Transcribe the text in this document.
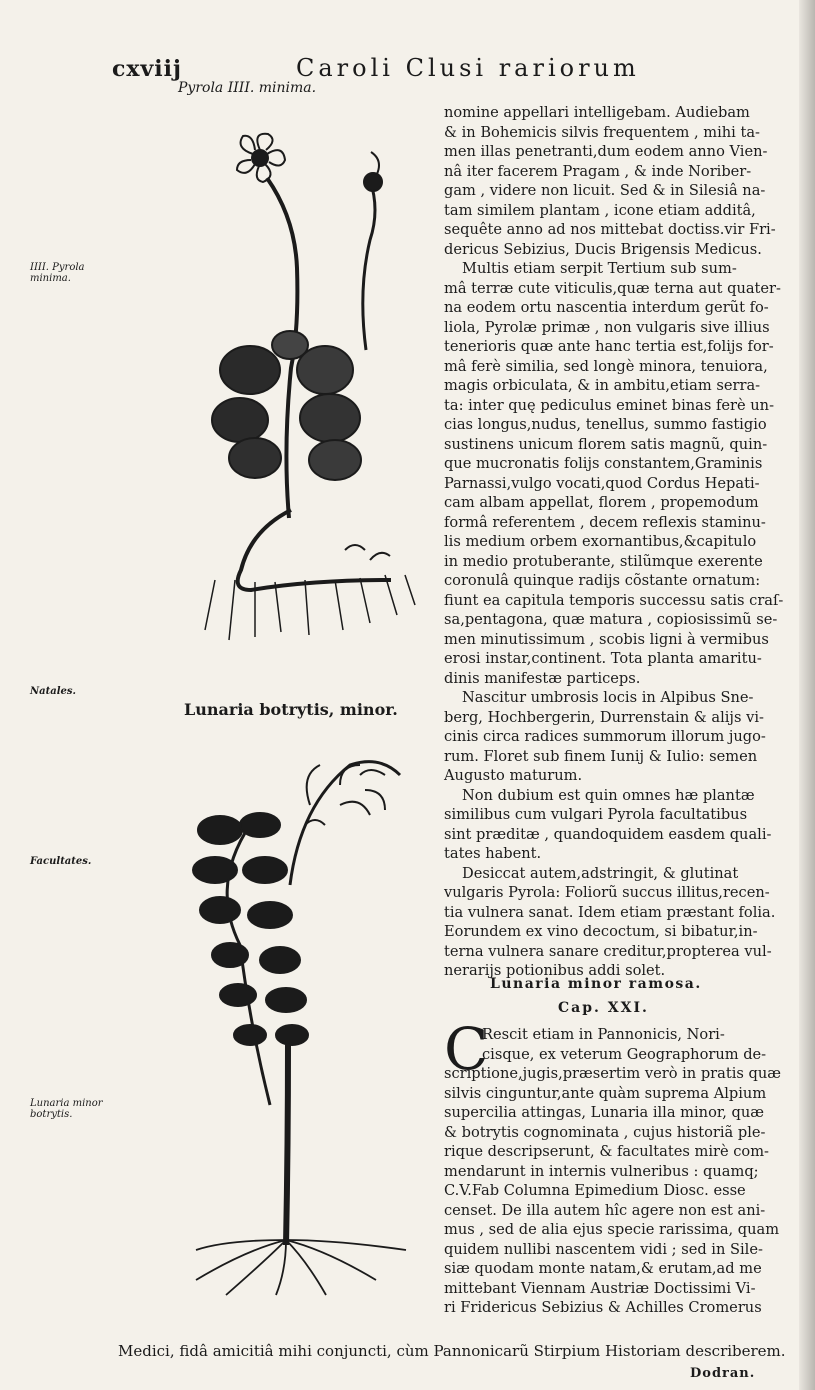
cxviij	Caroli Clusi rariorum
Pyrola IIII. minima.
IIII. Pyrola minima.
Natales.
Facultates.
Lunaria minor botrytis.
Lunaria botrytis, minor.
nomine appellari intelligebam. Audiebam
& in Bohemicis silvis frequentem , mihi ta-
men illas penetranti,dum eodem anno Vien-
nâ iter facerem Pragam , & inde Noriber-
gam , videre non licuit. Sed & in Silesiâ na-
tam similem plantam , icone etiam additâ,
sequête anno ad nos mittebat doctiss.vir Fri-
dericus Sebizius, Ducis Brigensis Medicus.
Multis etiam serpit Tertium sub sum-
mâ terræ cute viticulis,quæ terna aut quater-
na eodem ortu nascentia interdum gerũt fo-
liola, Pyrolæ primæ , non vulgaris sive illius
tenerioris quæ ante hanc tertia est,folijs for-
mâ ferè similia, sed longè minora, tenuiora,
magis orbiculata, & in ambitu,etiam serra-
ta: inter quę pediculus eminet binas ferè un-
cias longus,nudus, tenellus, summo fastigio
sustinens unicum florem satis magnũ, quin-
que mucronatis folijs constantem,Graminis
Parnassi,vulgo vocati,quod Cordus Hepati-
cam albam appellat, florem , propemodum
formâ referentem , decem reflexis staminu-
lis medium orbem exornantibus,&capitulo
in medio protuberante, stilũmque exerente
coronulâ quinque radijs cõstante ornatum:
fiunt ea capitula temporis successu satis craſ-
sa,pentagona, quæ matura , copiosissimũ se-
men minutissimum , scobis ligni à vermibus
erosi instar,continent. Tota planta amaritu-
dinis manifestæ particeps.
Nascitur umbrosis locis in Alpibus Sne-
berg, Hochbergerin, Durrenstain & alijs vi-
cinis circa radices summorum illorum jugo-
rum. Floret sub finem Iunij & Iulio: semen
Augusto maturum.
Non dubium est quin omnes hæ plantæ
similibus cum vulgari Pyrola facultatibus
sint præditæ , quandoquidem easdem quali-
tates habent.
Desiccat autem,adstringit, & glutinat
vulgaris Pyrola: Foliorũ succus illitus,recen-
tia vulnera sanat. Idem etiam præstant folia.
Eorundem ex vino decoctum, si bibatur,in-
terna vulnera sanare creditur,propterea vul-
nerarijs potionibus addi solet.
Lunaria minor ramosa.
Cap. XXI.
C
Rescit etiam in Pannonicis, Nori-
cisque, ex veterum Geographorum de-
scriptione,jugis,præsertim verò in pratis quæ
silvis cinguntur,ante quàm suprema Alpium
supercilia attingas, Lunaria illa minor, quæ
& botrytis cognominata , cujus historiã ple-
rique descripserunt, & facultates mirè com-
mendarunt in internis vulneribus : quamq;
C.V.Fab Columna Epimedium Diosc. esse
censet. De illa autem hîc agere non est ani-
mus , sed de alia ejus specie rarissima, quam
quidem nullibi nascentem vidi ; sed in Sile-
siæ quodam monte natam,& erutam,ad me
mittebant Viennam Austriæ Doctissimi Vi-
ri Fridericus Sebizius & Achilles Cromerus
Medici, fidâ amicitiâ mihi conjuncti, cùm Pannonicarũ Stirpium Historiam describerem.
Dodran.
